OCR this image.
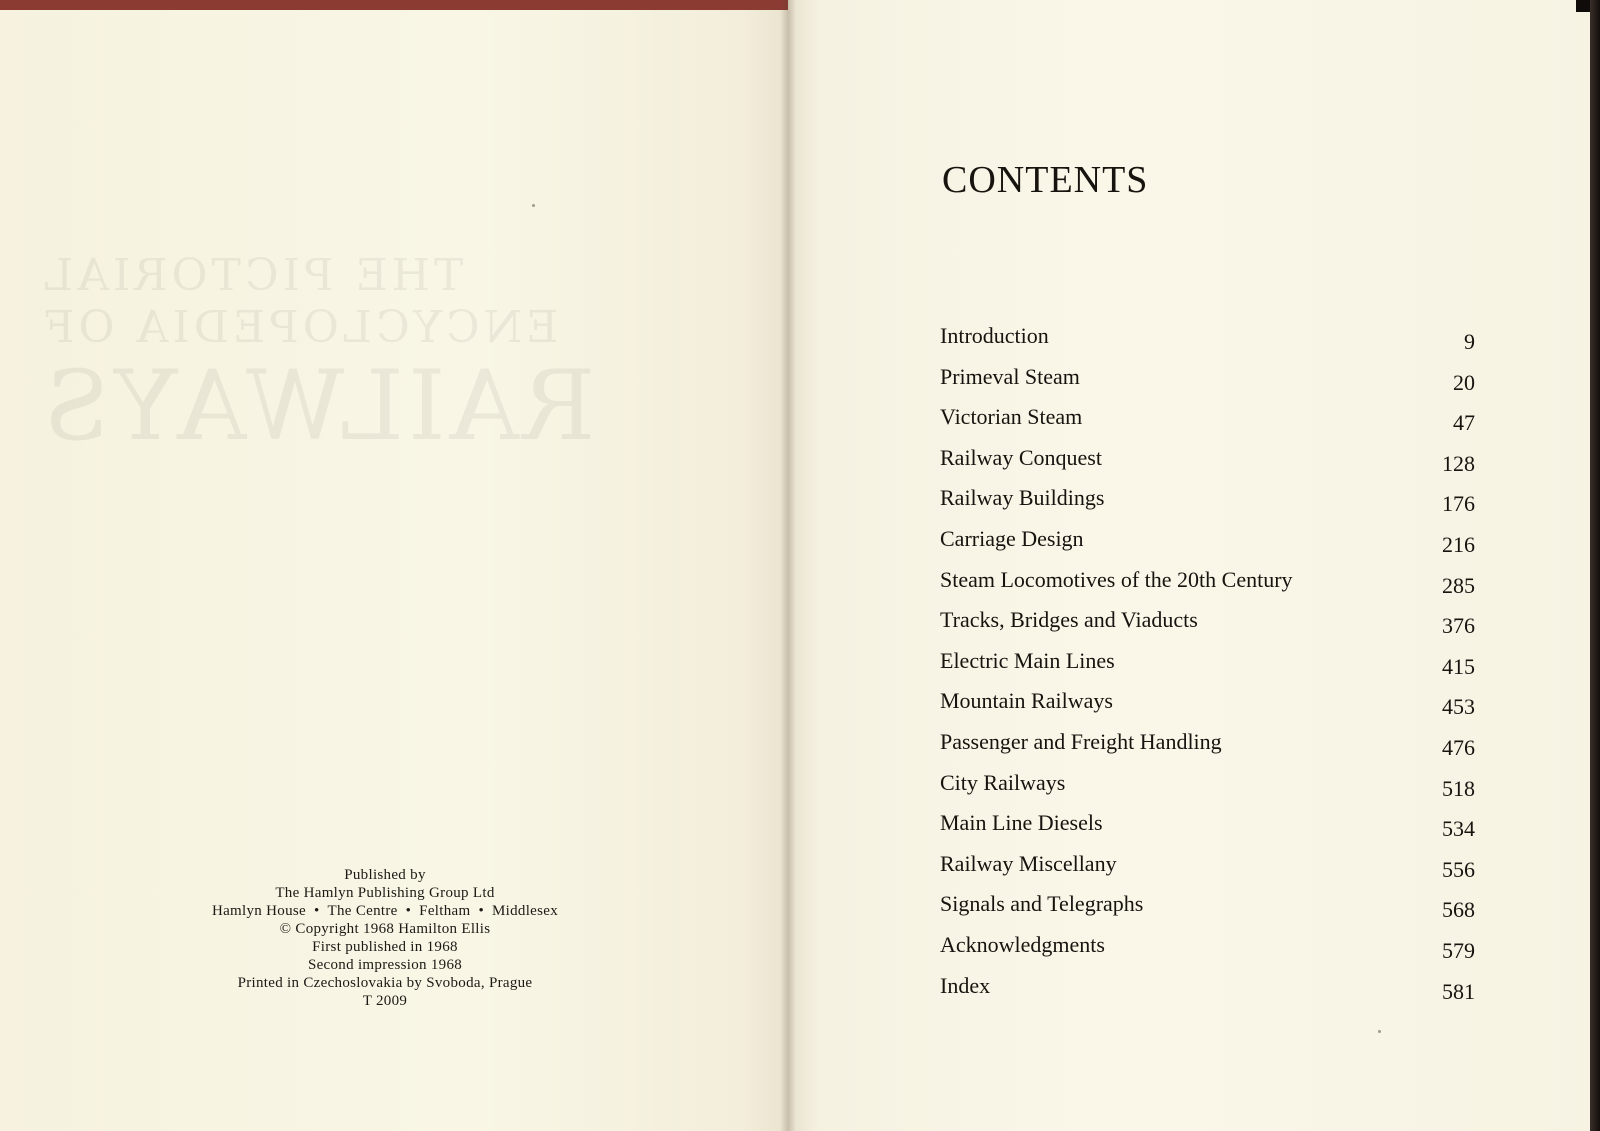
THE PICTORIAL
ENCYCLOPEDIA OF
RAILWAYS
Published by
The Hamlyn Publishing Group Ltd
Hamlyn House • The Centre • Feltham • Middlesex
© Copyright 1968 Hamilton Ellis
First published in 1968
Second impression 1968
Printed in Czechoslovakia by Svoboda, Prague
T 2009
CONTENTS
Introduction	9
Primeval Steam	20
Victorian Steam	47
Railway Conquest	128
Railway Buildings	176
Carriage Design	216
Steam Locomotives of the 20th Century	285
Tracks, Bridges and Viaducts	376
Electric Main Lines	415
Mountain Railways	453
Passenger and Freight Handling	476
City Railways	518
Main Line Diesels	534
Railway Miscellany	556
Signals and Telegraphs	568
Acknowledgments	579
Index	581
